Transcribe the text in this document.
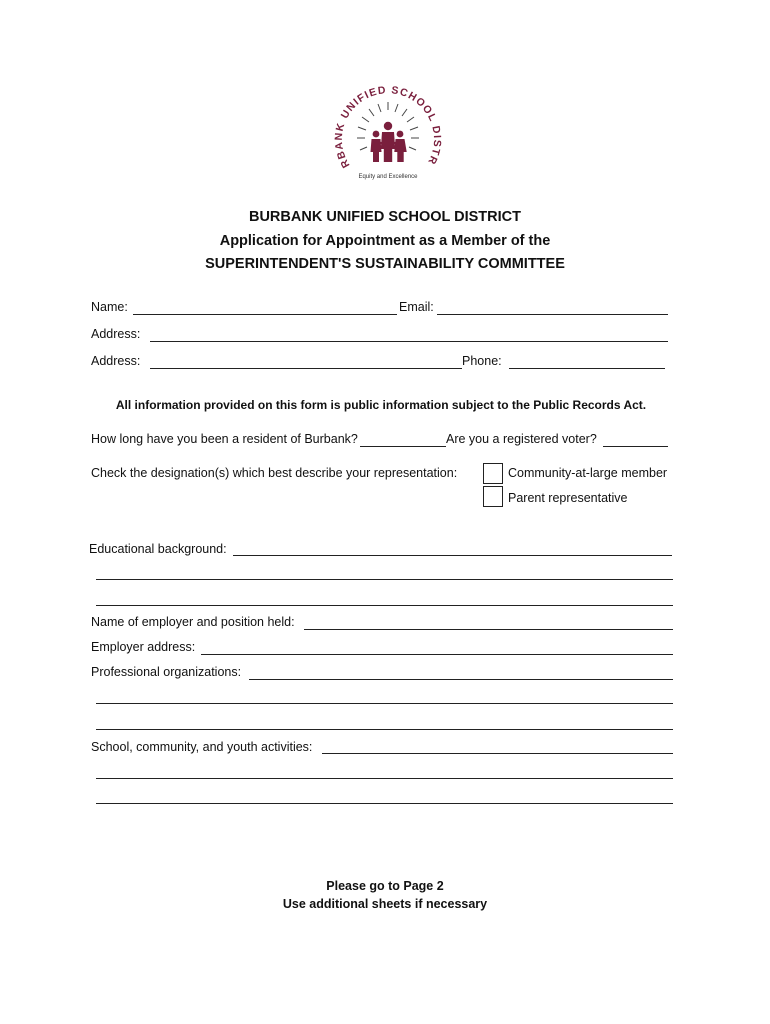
RBANK UNIFIED SCHOOL DISTR
Equity and Excellence
BURBANK UNIFIED SCHOOL DISTRICT
Application for Appointment as a Member of the
SUPERINTENDENT'S SUSTAINABILITY COMMITTEE
Name:	Email:
Address:
Address:	Phone:
All information provided on this form is public information subject to the Public Records Act.
How long have you been a resident of Burbank?	Are you a registered voter?
Check the designation(s) which best describe your representation:	Community-at-large member
Parent representative
Educational background:
Name of employer and position held:
Employer address:
Professional organizations:
School, community, and youth activities:
Please go to Page 2
Use additional sheets if necessary
